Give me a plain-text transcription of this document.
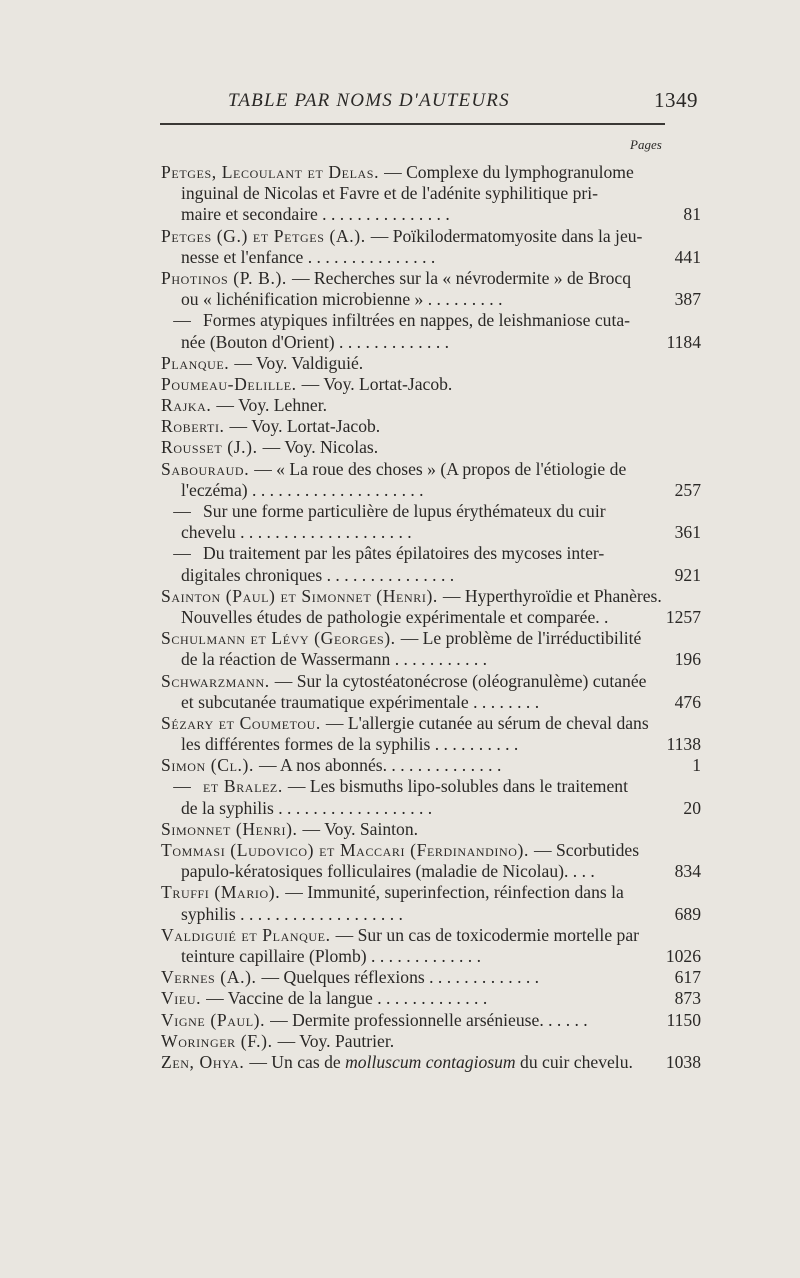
TABLE PAR NOMS D'AUTEURS	1349
Pages
Petges, Lecoulant et Delas. — Complexe du lymphogranulome
inguinal de Nicolas et Favre et de l'adénite syphilitique pri-
maire et secondaire . . . . . . . . . . . . . . .	81
Petges (G.) et Petges (A.). — Poïkilodermatomyosite dans la jeu-
nesse et l'enfance . . . . . . . . . . . . . . .	441
Photinos (P. B.). — Recherches sur la « névrodermite » de Brocq
ou « lichénification microbienne » . . . . . . . . .	387
— Formes atypiques infiltrées en nappes, de leishmaniose cuta-
née (Bouton d'Orient) . . . . . . . . . . . . .	1184
Planque. — Voy. Valdiguié.
Poumeau-Delille. — Voy. Lortat-Jacob.
Rajka. — Voy. Lehner.
Roberti. — Voy. Lortat-Jacob.
Rousset (J.). — Voy. Nicolas.
Sabouraud. — « La roue des choses » (A propos de l'étiologie de
l'eczéma) . . . . . . . . . . . . . . . . . . . .	257
— Sur une forme particulière de lupus érythémateux du cuir
chevelu . . . . . . . . . . . . . . . . . . . .	361
— Du traitement par les pâtes épilatoires des mycoses inter-
digitales chroniques . . . . . . . . . . . . . . .	921
Sainton (Paul) et Simonnet (Henri). — Hyperthyroïdie et Phanères.
Nouvelles études de pathologie expérimentale et comparée. .	1257
Schulmann et Lévy (Georges). — Le problème de l'irréductibilité
de la réaction de Wassermann . . . . . . . . . . .	196
Schwarzmann. — Sur la cytostéatonécrose (oléogranulème) cutanée
et subcutanée traumatique expérimentale . . . . . . . .	476
Sézary et Coumetou. — L'allergie cutanée au sérum de cheval dans
les différentes formes de la syphilis . . . . . . . . . .	1138
Simon (Cl.). — A nos abonnés. . . . . . . . . . . . . .	1
— et Bralez. — Les bismuths lipo-solubles dans le traitement
de la syphilis . . . . . . . . . . . . . . . . . .	20
Simonnet (Henri). — Voy. Sainton.
Tommasi (Ludovico) et Maccari (Ferdinandino). — Scorbutides
papulo-kératosiques folliculaires (maladie de Nicolau). . . .	834
Truffi (Mario). — Immunité, superinfection, réinfection dans la
syphilis . . . . . . . . . . . . . . . . . . .	689
Valdiguié et Planque. — Sur un cas de toxicodermie mortelle par
teinture capillaire (Plomb) . . . . . . . . . . . . .	1026
Vernes (A.). — Quelques réflexions . . . . . . . . . . . . .	617
Vieu. — Vaccine de la langue . . . . . . . . . . . . .	873
Vigne (Paul). — Dermite professionnelle arsénieuse. . . . . .	1150
Woringer (F.). — Voy. Pautrier.
Zen, Ohya. — Un cas de molluscum contagiosum du cuir chevelu.	1038
